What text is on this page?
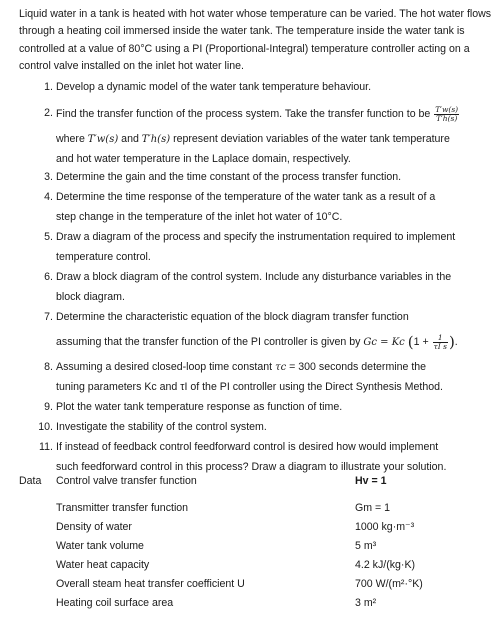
Liquid water in a tank is heated with hot water whose temperature can be varied. The hot water flows through a heating coil immersed inside the water tank. The temperature inside the water tank is controlled at a value of 80°C using a PI (Proportional-Integral) temperature controller acting on a control valve installed on the inlet hot water line.

1. Develop a dynamic model of the water tank temperature behaviour.
2. Find the transfer function of the process system. Take the transfer function to be $\frac{T'w(s)}{T'h(s)}$
where T′w(s) and T′h(s) represent deviation variables of the water tank temperature
and hot water temperature in the Laplace domain, respectively.
3. Determine the gain and the time constant of the process transfer function.
4. Determine the time response of the temperature of the water tank as a result of a
step change in the temperature of the inlet hot water of 10°C.
5. Draw a diagram of the process and specify the instrumentation required to implement
temperature control.
6. Draw a block diagram of the control system. Include any disturbance variables in the
block diagram.
7. Determine the characteristic equation of the block diagram transfer function
assuming that the transfer function of the PI controller is given by Gc = Kc ($1 + \frac{1}{\text{τI s}}$ ).
8. Assuming a desired closed-loop time constant τc = 300 seconds determine the
tuning parameters Kc and τI of the PI controller using the Direct Synthesis Method.
9. Plot the water tank temperature response as function of time.
10. Investigate the stability of the control system.
11. If instead of feedback control feedforward control is desired how would implement
such feedforward control in this process? Draw a diagram to illustrate your solution.
Data Control valve transfer function	Hv = 1
Transmitter transfer function	Gm = 1
Density of water	1000 kg·m⁻³
Water tank volume	5 m³
Water heat capacity	4.2 kJ/(kg·K)
Overall steam heat transfer coefficient U	700 W/(m²·°K)
Heating coil surface area	3 m²
